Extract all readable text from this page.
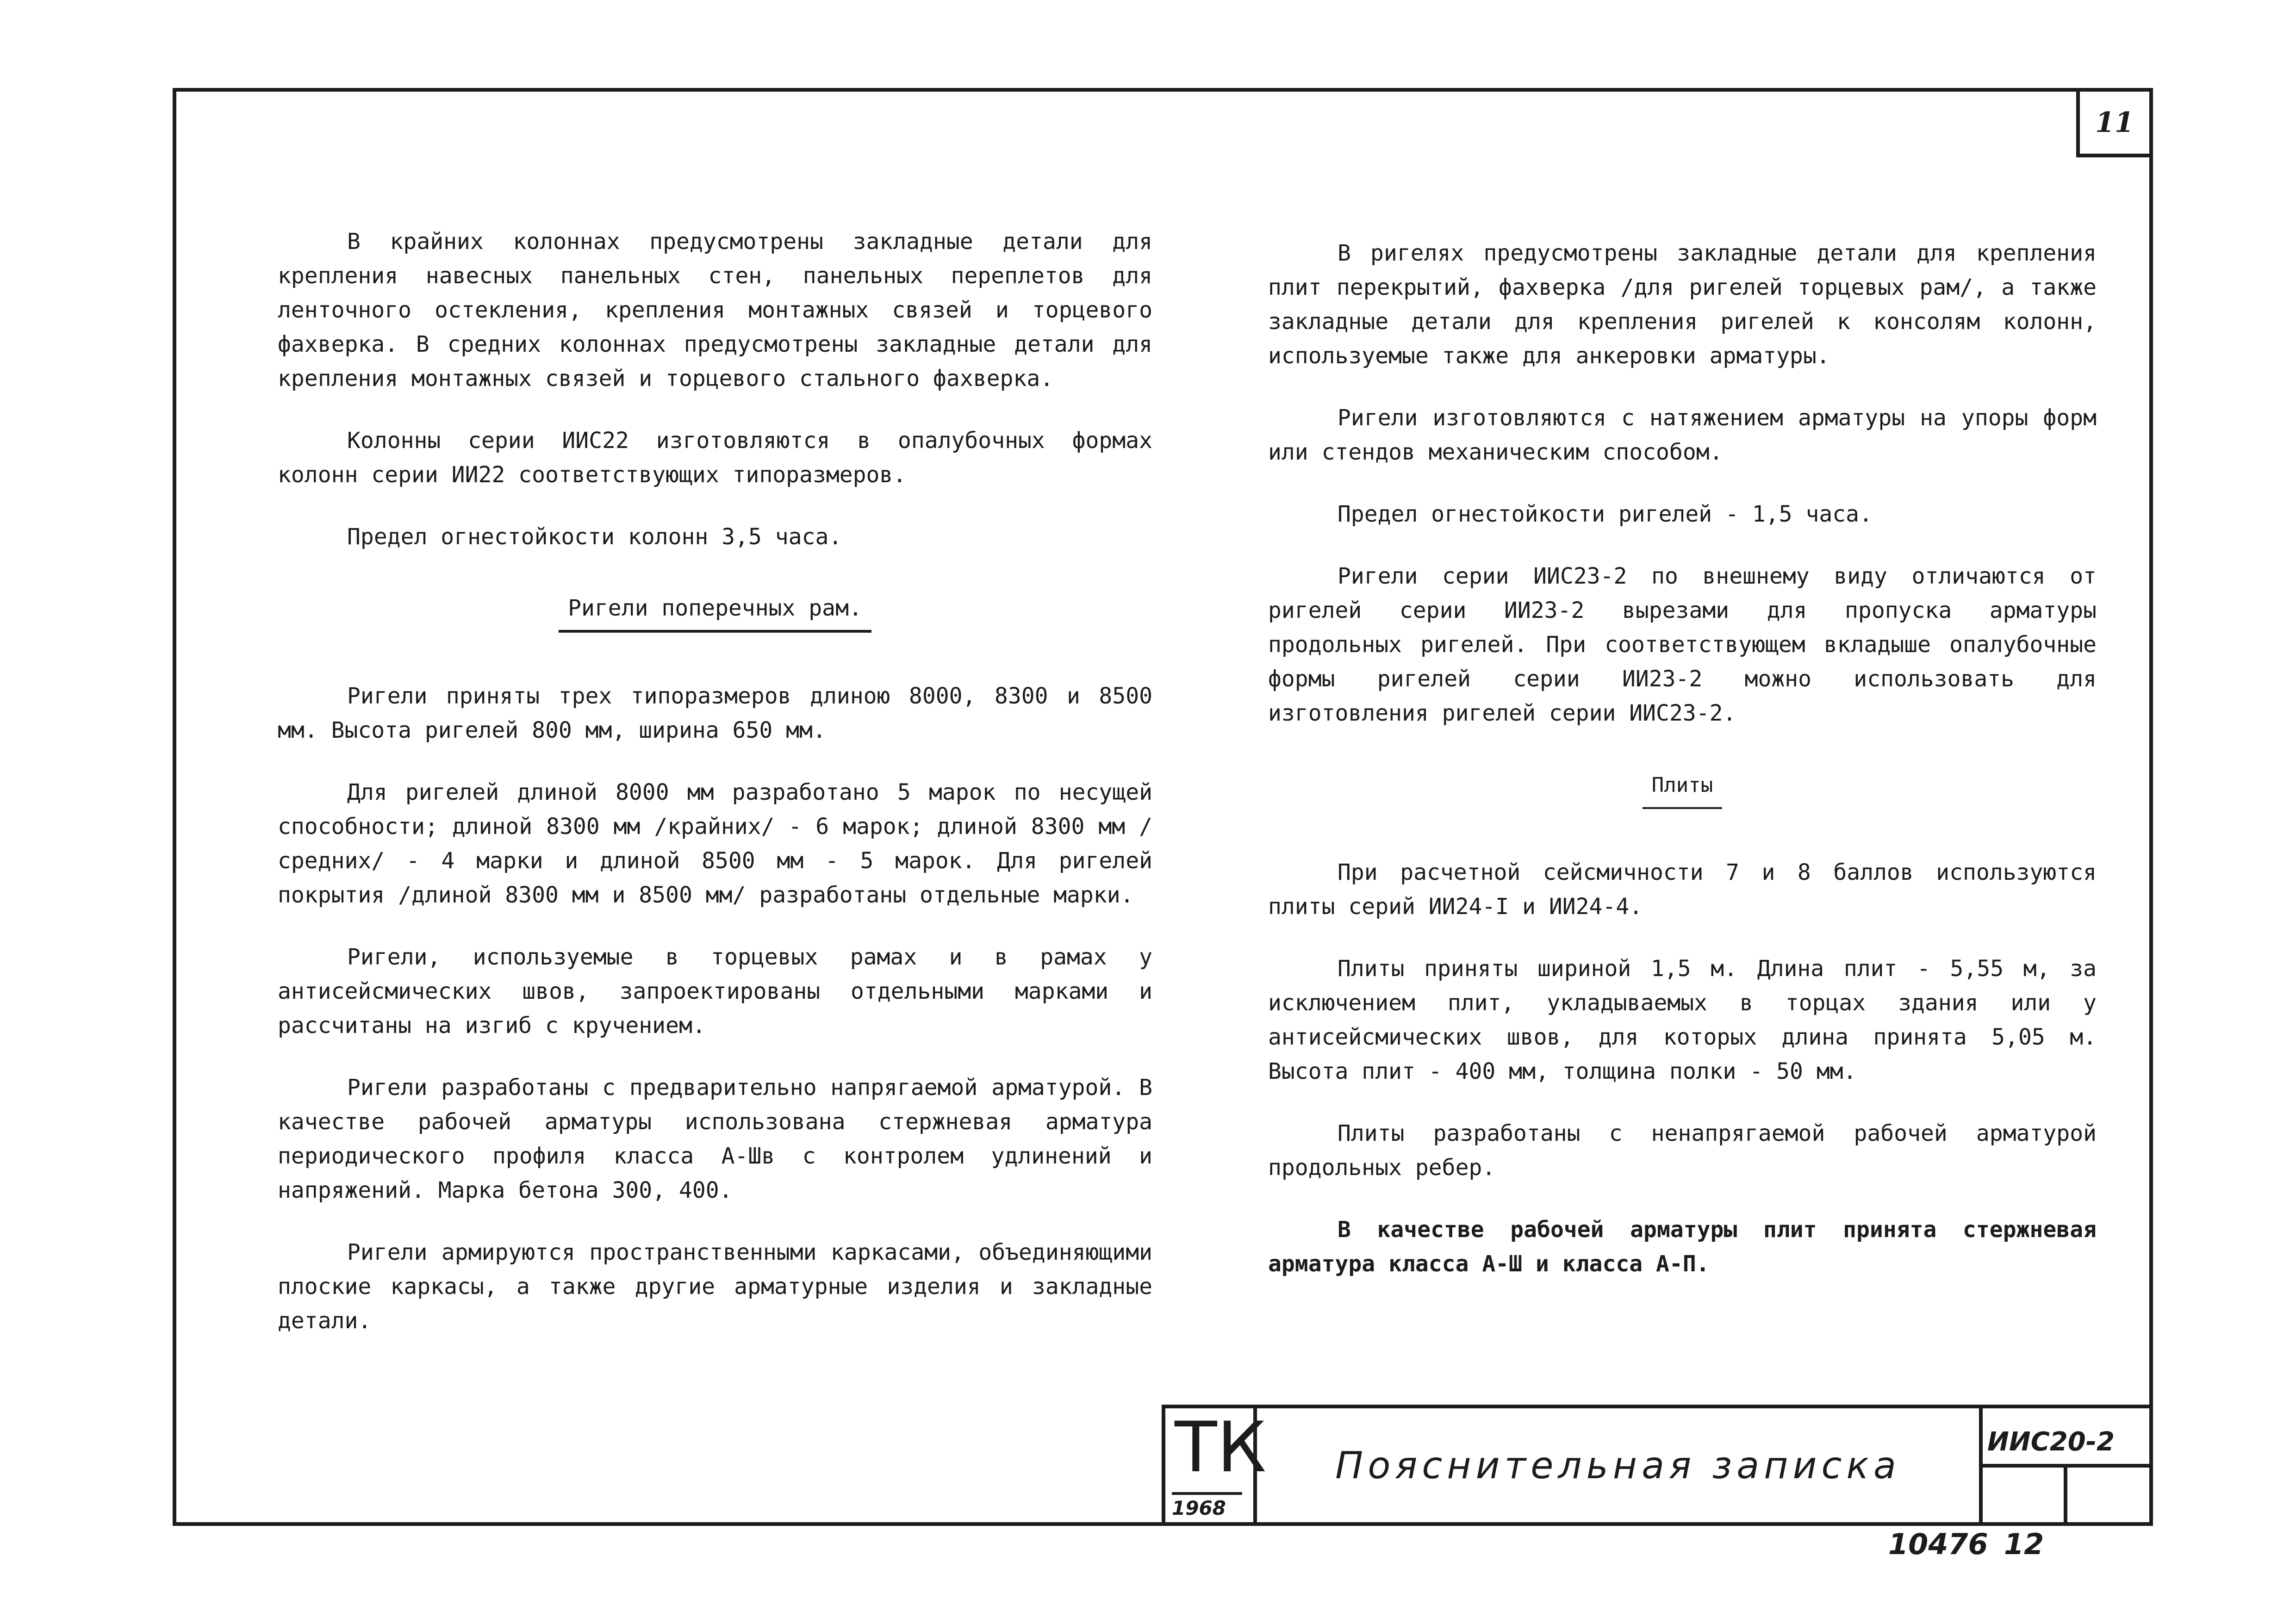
11

В крайних колоннах предусмотрены закладные детали для крепления навесных панельных стен, панельных переплетов для ленточного остекления, крепления монтажных связей и торцевого фахверка. В средних колоннах предусмотрены закладные детали для крепления монтажных связей и торцевого стального фахверка.

Колонны серии ИИС22 изготовляются в опалубочных формах колонн серии ИИ22 соответствующих типоразмеров.

Предел огнестойкости колонн 3,5 часа.

Ригели поперечных рам.

Ригели приняты трех типоразмеров длиною 8000, 8300 и 8500 мм. Высота ригелей 800 мм, ширина 650 мм.

Для ригелей длиной 8000 мм разработано 5 марок по несущей способности; длиной 8300 мм /крайних/ - 6 марок; длиной 8300 мм /средних/ - 4 марки и длиной 8500 мм - 5 марок. Для ригелей покрытия /длиной 8300 мм и 8500 мм/ разработаны отдельные марки.

Ригели, используемые в торцевых рамах и в рамах у антисейсмических швов, запроектированы отдельными марками и рассчитаны на изгиб с кручением.

Ригели разработаны с предварительно напрягаемой арматурой. В качестве рабочей арматуры использована стержневая арматура периодического профиля класса А-Шв с контролем удлинений и напряжений. Марка бетона 300, 400.

Ригели армируются пространственными каркасами, объединяющими плоские каркасы, а также другие арматурные изделия и закладные детали.

В ригелях предусмотрены закладные детали для крепления плит перекрытий, фахверка /для ригелей торцевых рам/, а также закладные детали для крепления ригелей к консолям колонн, используемые также для анкеровки арматуры.

Ригели изготовляются с натяжением арматуры на упоры форм или стендов механическим способом.

Предел огнестойкости ригелей - 1,5 часа.

Ригели серии ИИС23-2 по внешнему виду отличаются от ригелей серии ИИ23-2 вырезами для пропуска арматуры продольных ригелей. При соответствующем вкладыше опалубочные формы ригелей серии ИИ23-2 можно использовать для изготовления ригелей серии ИИС23-2.

Плиты

При расчетной сейсмичности 7 и 8 баллов используются плиты серий ИИ24-I и ИИ24-4.

Плиты приняты шириной 1,5 м. Длина плит - 5,55 м, за исключением плит, укладываемых в торцах здания или у антисейсмических швов, для которых длина принята 5,05 м. Высота плит - 400 мм, толщина полки - 50 мм.

Плиты разработаны с ненапрягаемой рабочей арматурой продольных ребер.

В качестве рабочей арматуры плит принята стержневая арматура класса А-Ш и класса А-П.

ТК
1968
Пояснительная записка
ИИС20-2
10476 12
